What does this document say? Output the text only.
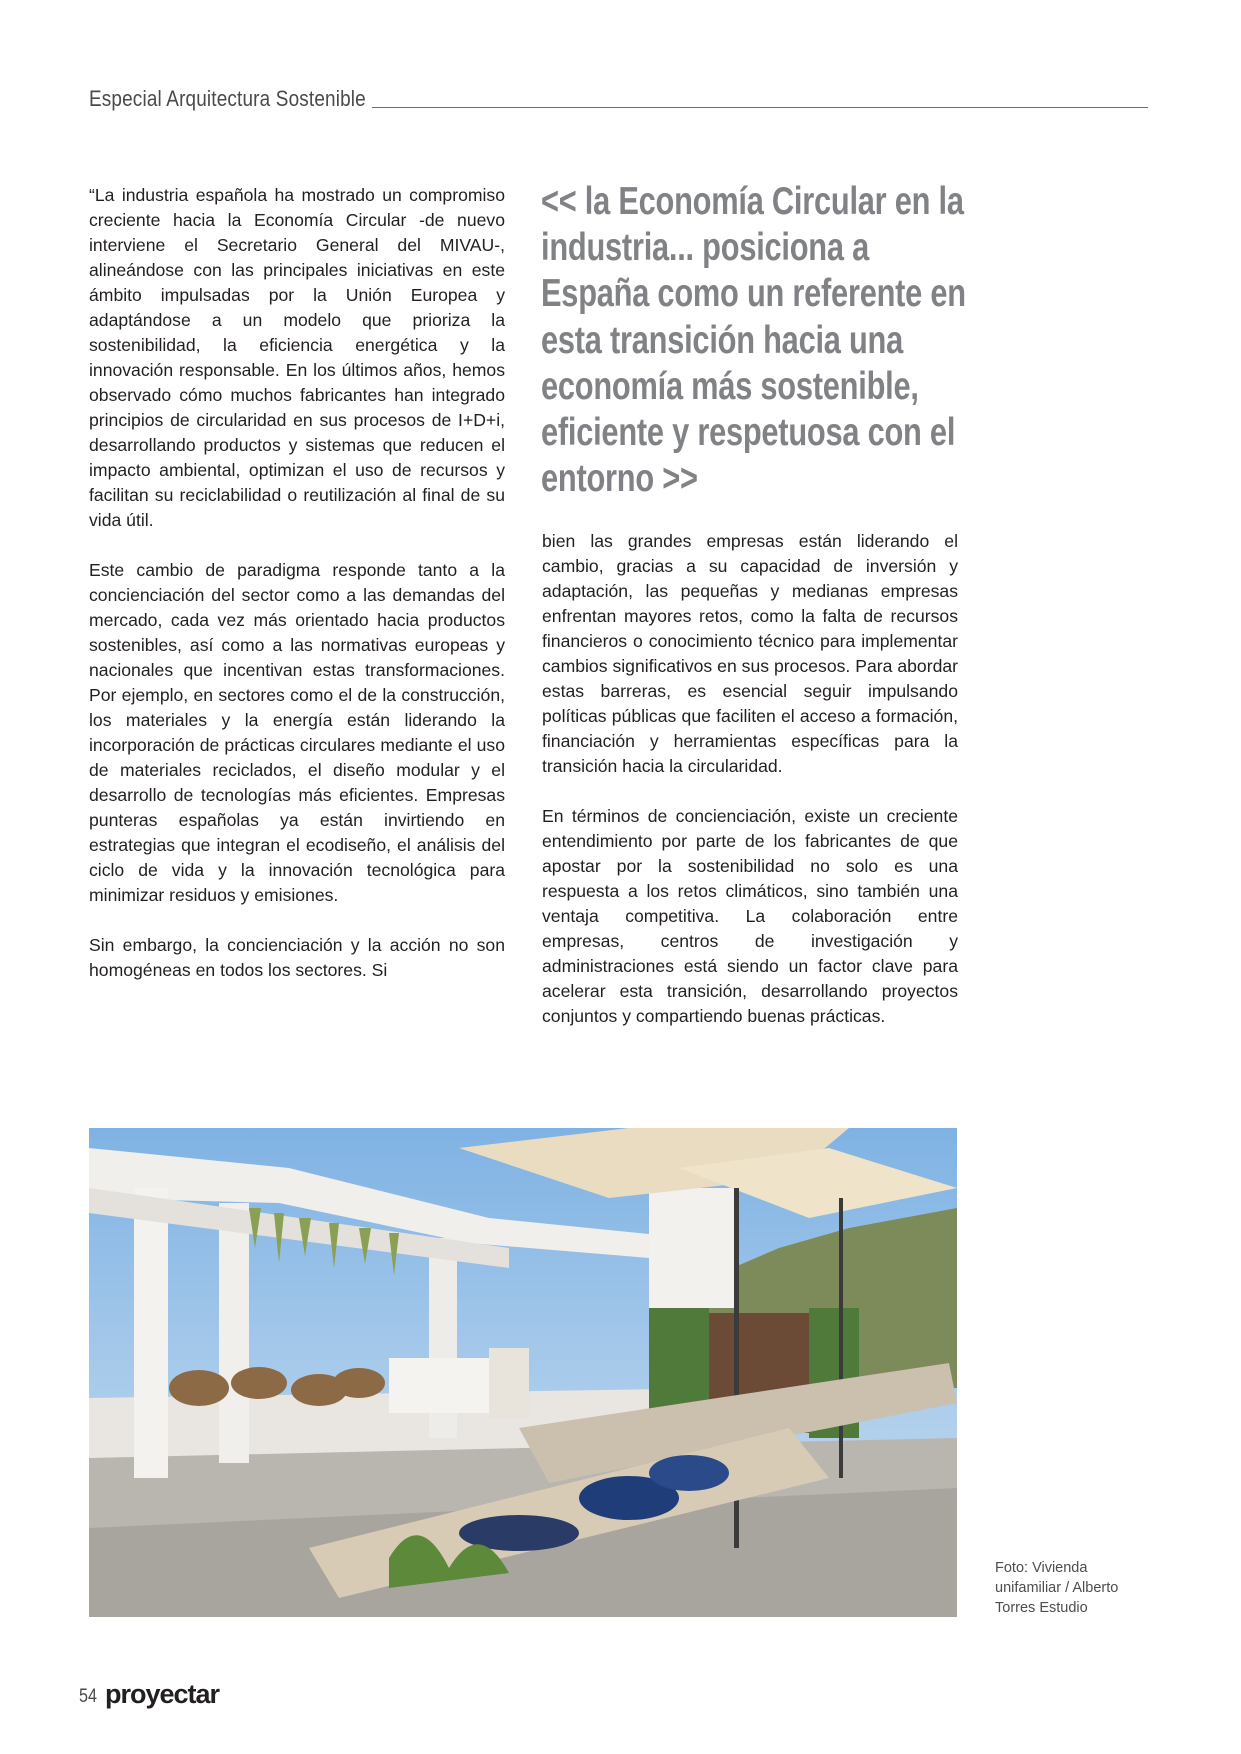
Especial Arquitectura Sostenible

“La industria española ha mostrado un compromiso creciente hacia la Economía Circular -de nuevo interviene el Secretario General del MIVAU-, alineándose con las principales iniciativas en este ámbito impulsadas por la Unión Europea y adaptándose a un modelo que prioriza la sostenibilidad, la eficiencia energética y la innovación responsable. En los últimos años, hemos observado cómo muchos fabricantes han integrado principios de circularidad en sus procesos de I+D+i, desarrollando productos y sistemas que reducen el impacto ambiental, optimizan el uso de recursos y facilitan su reciclabilidad o reutilización al final de su vida útil.

Este cambio de paradigma responde tanto a la concienciación del sector como a las demandas del mercado, cada vez más orientado hacia productos sostenibles, así como a las normativas europeas y nacionales que incentivan estas transformaciones. Por ejemplo, en sectores como el de la construcción, los materiales y la energía están liderando la incorporación de prácticas circulares mediante el uso de materiales reciclados, el diseño modular y el desarrollo de tecnologías más eficientes. Empresas punteras españolas ya están invirtiendo en estrategias que integran el ecodiseño, el análisis del ciclo de vida y la innovación tecnológica para minimizar residuos y emisiones.

Sin embargo, la concienciación y la acción no son homogéneas en todos los sectores. Si

<< la Economía Circular en la industria... posiciona a España como un referente en esta transición hacia una economía más sostenible, eficiente y respetuosa con el entorno >>

bien las grandes empresas están liderando el cambio, gracias a su capacidad de inversión y adaptación, las pequeñas y medianas empresas enfrentan mayores retos, como la falta de recursos financieros o conocimiento técnico para implementar cambios significativos en sus procesos. Para abordar estas barreras, es esencial seguir impulsando políticas públicas que faciliten el acceso a formación, financiación y herramientas específicas para la transición hacia la circularidad.

En términos de concienciación, existe un creciente entendimiento por parte de los fabricantes de que apostar por la sostenibilidad no solo es una respuesta a los retos climáticos, sino también una ventaja competitiva. La colaboración entre empresas, centros de investigación y administraciones está siendo un factor clave para acelerar esta transición, desarrollando proyectos conjuntos y compartiendo buenas prácticas.

Foto: Vivienda unifamiliar / Alberto Torres Estudio
54 proyectar
